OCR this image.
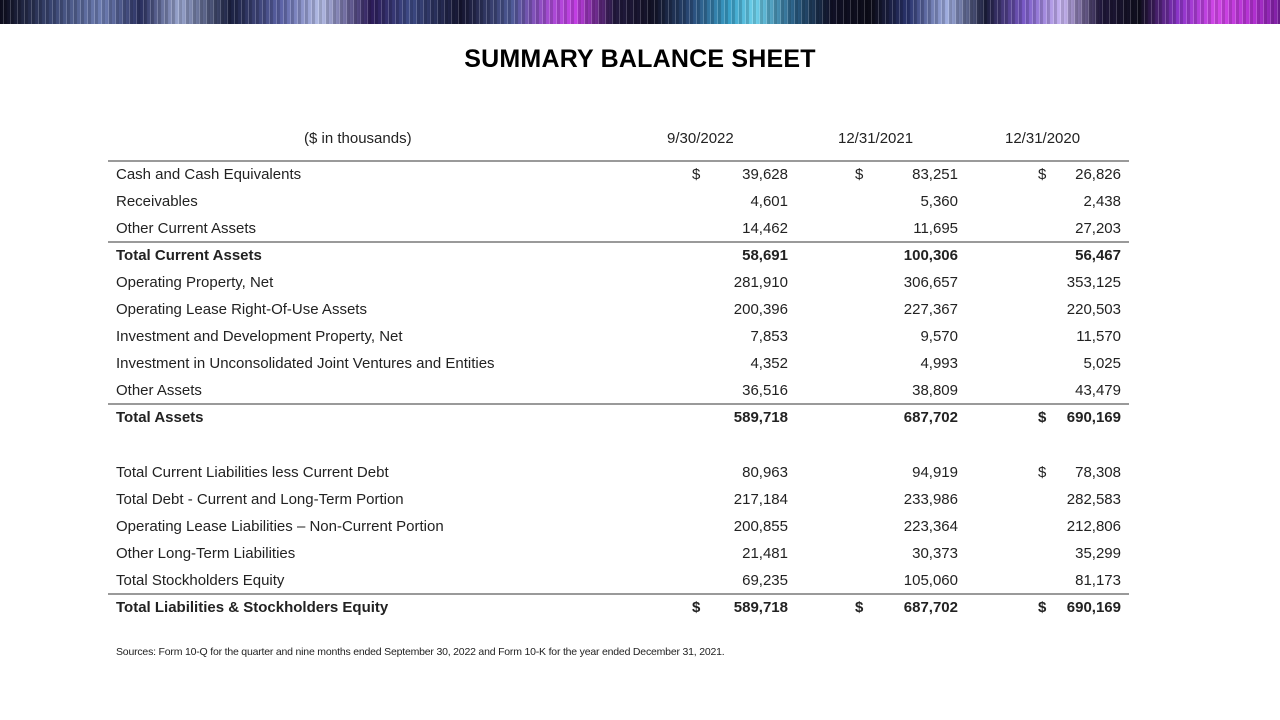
SUMMARY BALANCE SHEET
($ in thousands)	9/30/2022	12/31/2021	12/31/2020
Cash and Cash Equivalents	$	39,628	$	83,251	$ 26,826
Receivables	4,601	5,360	2,438
Other Current Assets	14,462	11,695	27,203
Total Current Assets	58,691	100,306	56,467
Operating Property, Net	281,910	306,657	353,125
Operating Lease Right-Of-Use Assets	200,396	227,367	220,503
Investment and Development Property, Net	7,853	9,570	11,570
Investment in Unconsolidated Joint Ventures and Entities	4,352	4,993	5,025
Other Assets	36,516	38,809	43,479
Total Assets	589,718	687,702	$ 690,169
Total Current Liabilities less Current Debt	80,963	94,919	$ 78,308
Total Debt - Current and Long-Term Portion	217,184	233,986	282,583
Operating Lease Liabilities – Non-Current Portion	200,855	223,364	212,806
Other Long-Term Liabilities	21,481	30,373	35,299
Total Stockholders Equity	69,235	105,060	81,173
Total Liabilities & Stockholders Equity	$ 589,718	$	687,702	$ 690,169
Sources: Form 10-Q for the quarter and nine months ended September 30, 2022 and Form 10-K for the year ended December 31, 2021.
